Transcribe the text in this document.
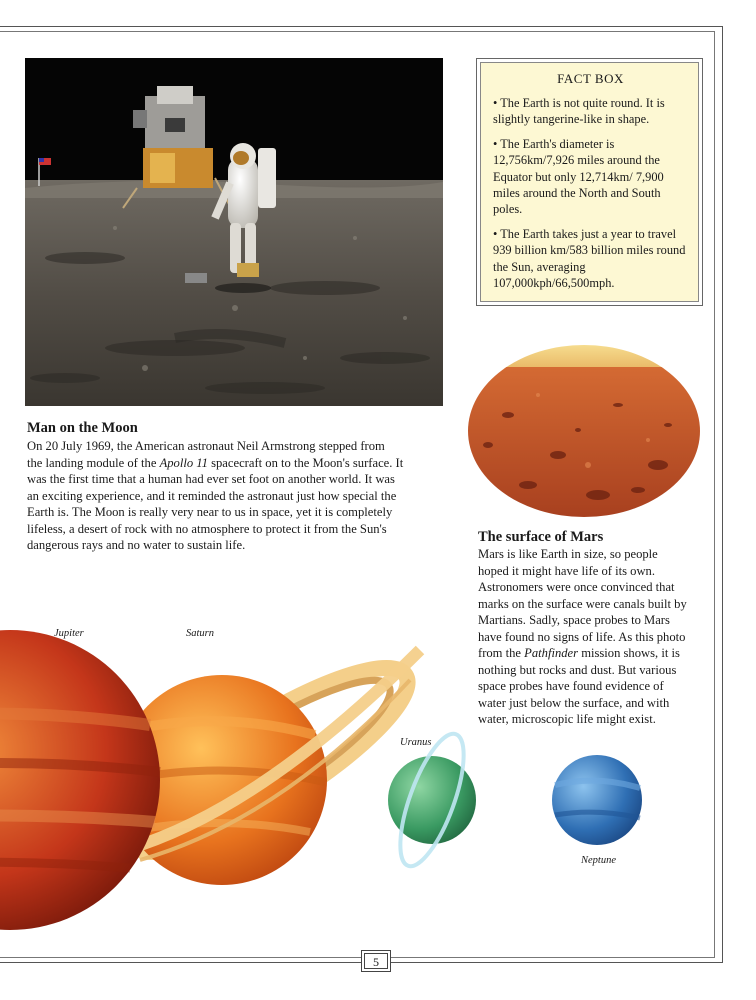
Man on the Moon

On 20 July 1969, the American astronaut Neil Armstrong stepped from
the landing module of the Apollo 11 spacecraft on to the Moon's surface. It
was the first time that a human had ever set foot on another world. It was
an exciting experience, and it reminded the astronaut just how special the
Earth is. The Moon is really very near to us in space, yet it is completely
lifeless, a desert of rock with no atmosphere to protect it from the Sun's
dangerous rays and no water to sustain life.

FACT BOX

• The Earth is not quite round. It is slightly tangerine-like in shape.
• The Earth's diameter is 12,756km/7,926 miles around the Equator but only 12,714km/ 7,900 miles around the North and South poles.
• The Earth takes just a year to travel 939 billion km/583 billion miles round the Sun, averaging 107,000kph/66,500mph.
The surface of Mars

Mars is like Earth in size, so people
hoped it might have life of its own.
Astronomers were once convinced that
marks on the surface were canals built by
Martians. Sadly, space probes to Mars
have found no signs of life. As this photo
from the Pathfinder mission shows, it is
nothing but rocks and dust. But various
space probes have found evidence of
water just below the surface, and with
water, microscopic life might exist.

Jupiter	Saturn
Uranus
Neptune
5
